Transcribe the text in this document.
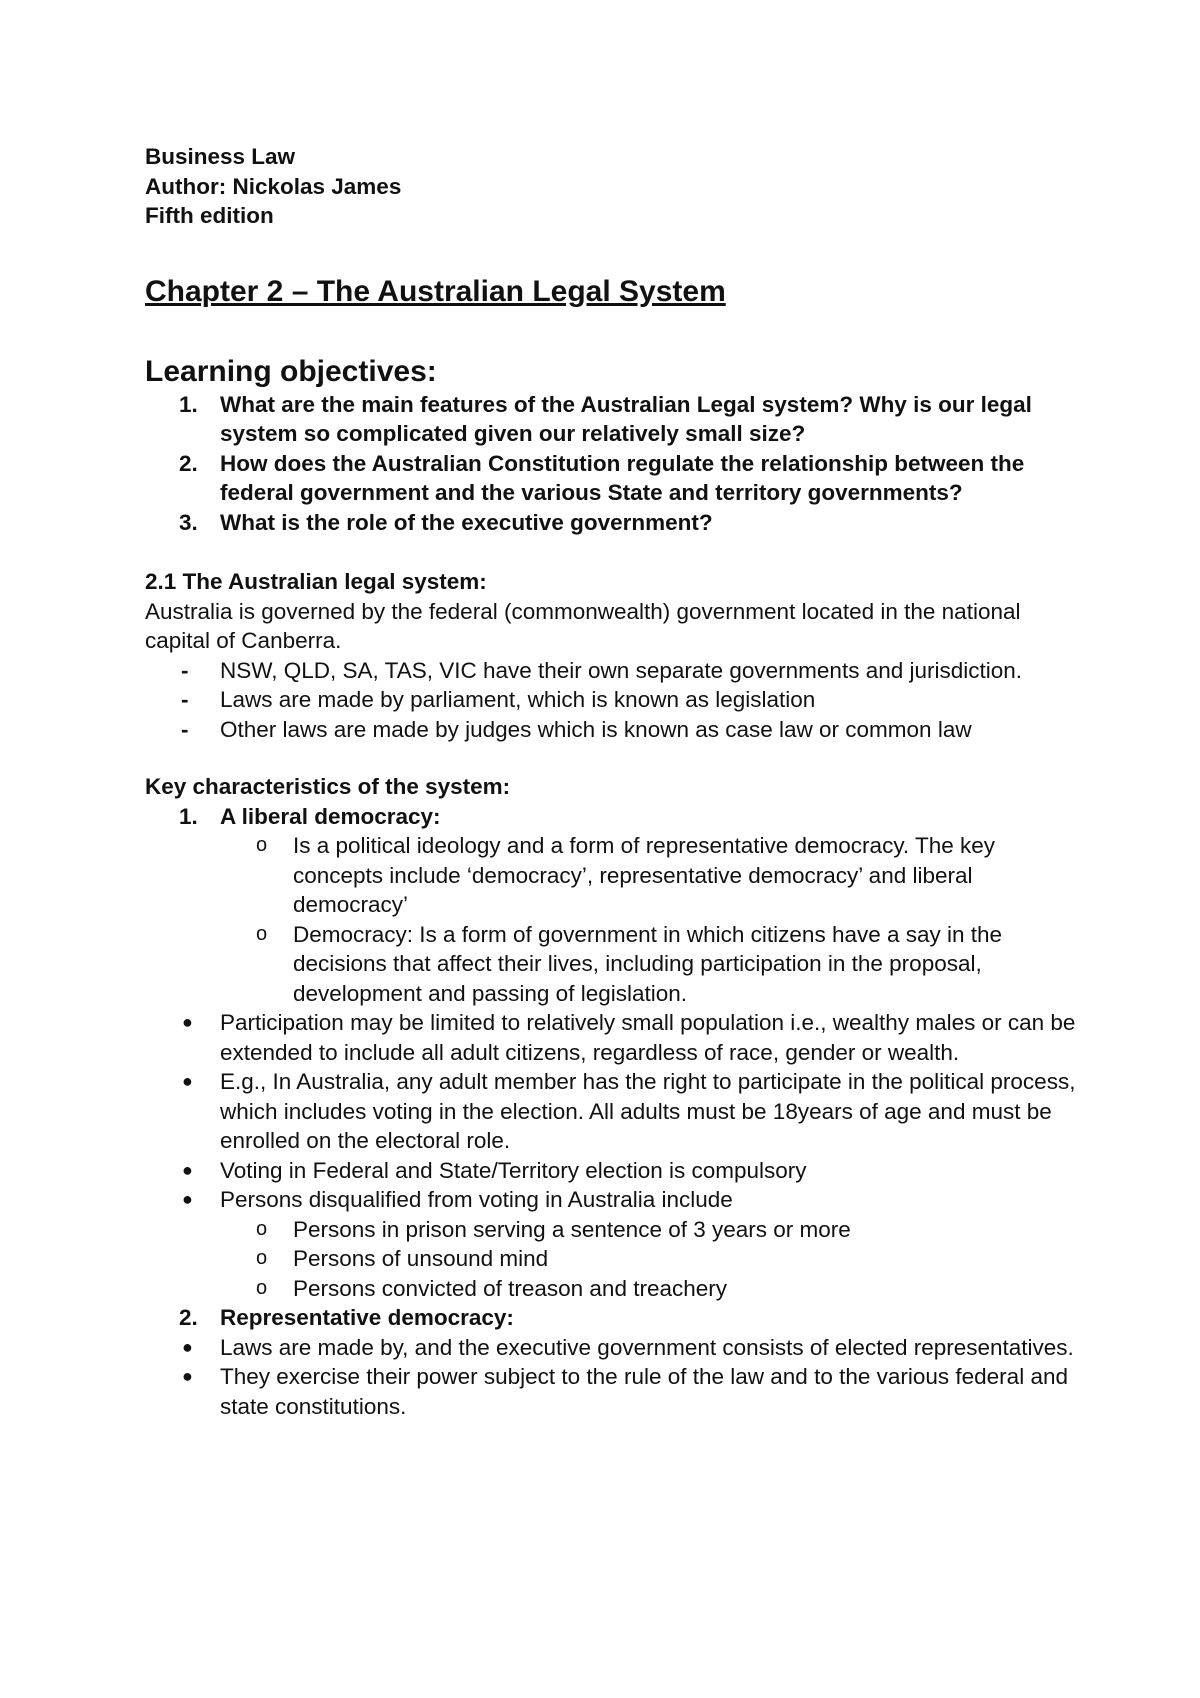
Business Law

Author: Nickolas James

Fifth edition

Chapter 2 – The Australian Legal System

Learning objectives:

1. What are the main features of the Australian Legal system? Why is our legal system so complicated given our relatively small size?

2. How does the Australian Constitution regulate the relationship between the federal government and the various State and territory governments?

3. What is the role of the executive government?

2.1 The Australian legal system:

Australia is governed by the federal (commonwealth) government located in the national capital of Canberra.

- NSW, QLD, SA, TAS, VIC have their own separate governments and jurisdiction.

- Laws are made by parliament, which is known as legislation

- Other laws are made by judges which is known as case law or common law

Key characteristics of the system:

1. A liberal democracy:

o Is a political ideology and a form of representative democracy. The key concepts include ‘democracy’, representative democracy’ and liberal democracy’

o Democracy: Is a form of government in which citizens have a say in the decisions that affect their lives, including participation in the proposal, development and passing of legislation.

● Participation may be limited to relatively small population i.e., wealthy males or can be extended to include all adult citizens, regardless of race, gender or wealth.

● E.g., In Australia, any adult member has the right to participate in the political process, which includes voting in the election. All adults must be 18years of age and must be enrolled on the electoral role.

● Voting in Federal and State/Territory election is compulsory

● Persons disqualified from voting in Australia include

o Persons in prison serving a sentence of 3 years or more

o Persons of unsound mind

o Persons convicted of treason and treachery

2. Representative democracy:

● Laws are made by, and the executive government consists of elected representatives.

● They exercise their power subject to the rule of the law and to the various federal and state constitutions.
